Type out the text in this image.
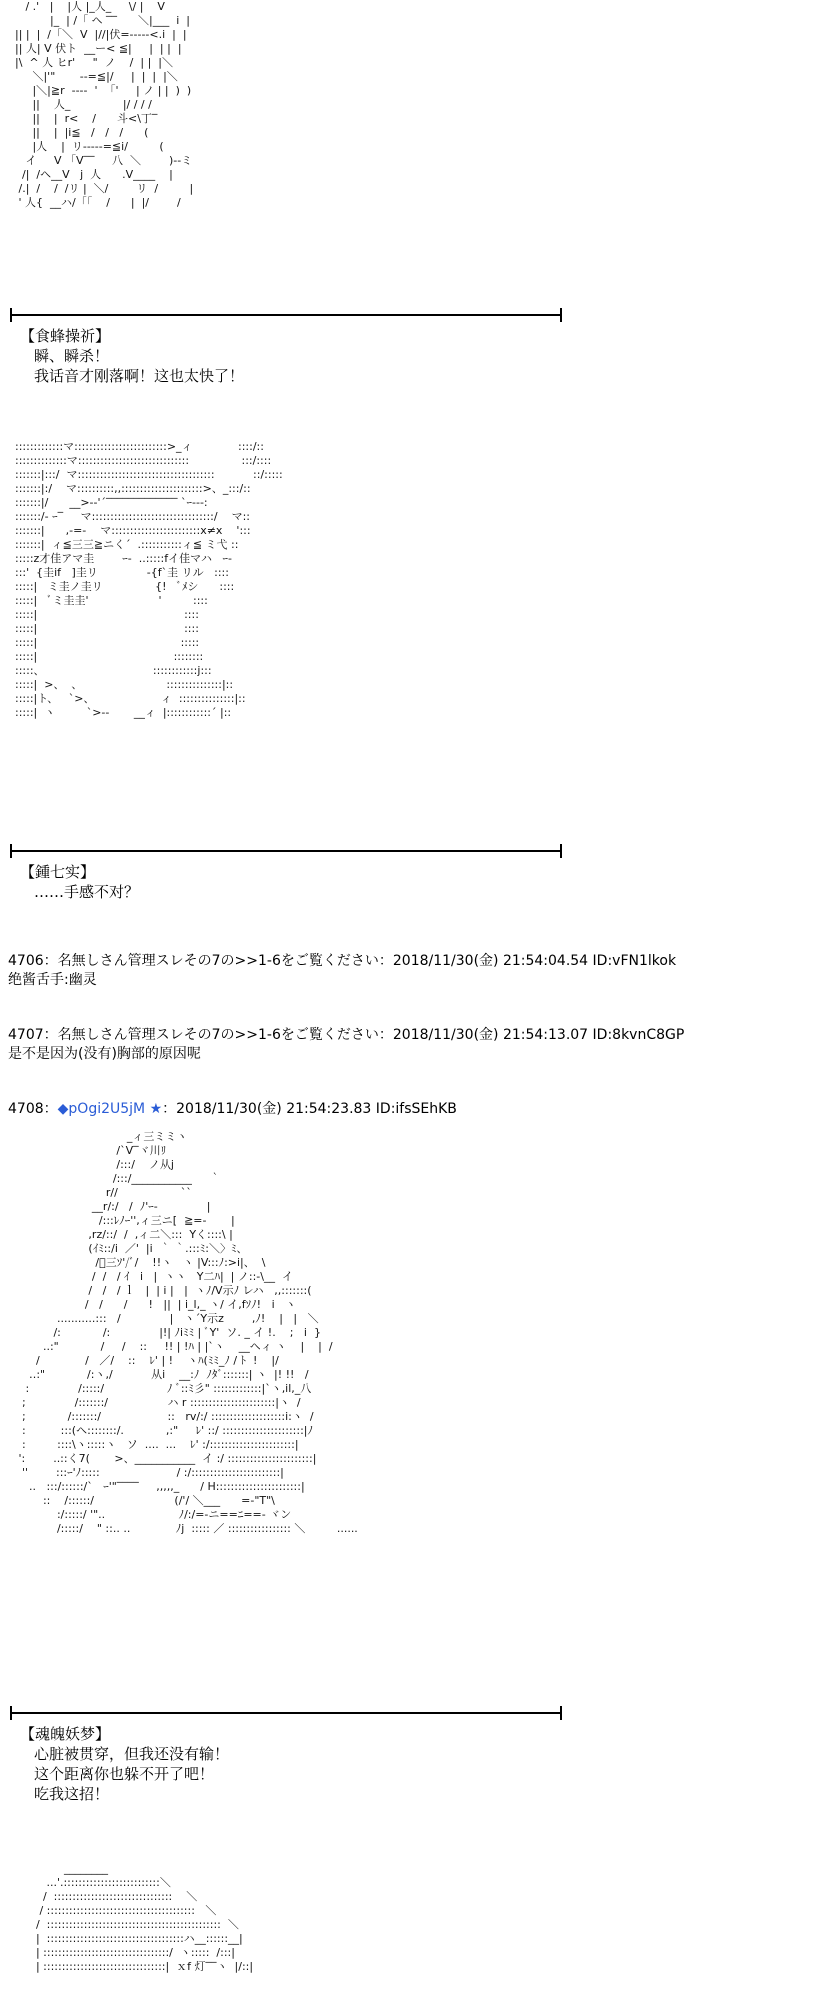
/ .'   |    |人 |_人_     \/ |    V
|_  | /「 ヘ ‾‾      ＼|___  i  |
|| |  |  /「＼  V  |//|伏=-----<.i  |  |
|| 人| V 伏ト  __ー< ≦|     |  | |  |
|\  ^ 人 ヒr'     "  ノ    /  | |  |＼
＼|'"       ‐‐=≦|/     |  |  |  |＼
|＼|≧r  -‐-‐  '  「'     | ノ | |  )  )
||    人_               |/ / / /
||    |  r<    /      斗<\丁‾
||    |  |i≦   /   /   /      (
|人    |  リ-----=≦i/         (
イ     V 「V‾‾     八  ＼        )‐‐ミ
/|  /ヘ__V   j  人      .V____    |
/.|  /    /  /リ |  ＼/        リ  /         |
' 人{  __ハ/「「    /      |  |/        /
【食蜂操祈】
瞬、瞬杀！
我话音才刚落啊！这也太快了！
:::::::::::::マ:::::::::::::::::::::::::>_ィ             ::::/::
::::::::::::::マ::::::::::::::::::::::::::::::               :::/::::
:::::::|:::/  マ:::::::::::::::::::::::::::::::::::::           ::/:::::
:::::::|:/    マ::::::::::,,::::::::::::::::::::::>、_:::/::
:::::::|/      __>‐‐'´‾‾‾‾‾‾‾‾‾‾‾‾‾ `ｰ‐‐-:
:::::::/‐ ｰ‾     マ:::::::::::::::::::::::::::::::::/    マ::
:::::::|      ,-=-    マ::::::::::::::::::::::::x≠x    ':::
:::::::|  ィ≦三三≧ニく´  .:::::::::::ィ≦ ミ弋 ::
:::::z才佳アマ圭        ｰ-  ..:::::fイ佳マハ   ｰ-
:::'  {圭if   ]圭リ              -{f`圭 リル   ::::
:::::|   ミ圭ノ圭リ               {!   ﾞﾒシ      ::::
:::::|   ﾞミ圭圭'                    '         ::::
:::::|                                          ::::
:::::|                                          ::::
:::::|                                         :::::
:::::|                                       ::::::::
:::::、                               ::::::::::::j:::
:::::|  >、  、                        :::::::::::::::|::
:::::|ト、   `>、                   ィ  :::::::::::::::|::
:::::|  ヽ         `>‐-       __ィ  |::::::::::::´ |::
【鍾七实】
……手感不对？
4706：名無しさん管理スレその7の>>1-6をご覧ください：2018/11/30(金) 21:54:04.54 ID:vFN1lkok
绝酱舌手:幽灵
4707：名無しさん管理スレその7の>>1-6をご覧ください：2018/11/30(金) 21:54:13.07 ID:8kvnC8GP
是不是因为(没有)胸部的原因呢
4708：◆pOgi2U5jM ★：2018/11/30(金) 21:54:23.83 ID:ifsSEhKB
_ィ三ミミヽ
/`V‾ヾ川ﾘ
/:::/    ノ从j
/:::/___________     ｀
r//                  ``
__r/:/   /  ﾉ'ｰ-              |
/:::ﾚﾉｰ'',ィ三ニ[  ≧=-       |
,rz/::/  /  ,ィ二＼:::  Yく::::\ |
(ｲﾐ::/i  ／'  |i  ｀ ｀.:::ﾐ:＼〉ﾐ、
/ﾞ三ｿ'/ﾞ/    !!ヽ   ヽ |V:::ﾉ:>i|、  \
/  /   / ｲ   i   |  ヽヽ   Y二ﾊ|  | ノ::-\__  イ
/   /   / ｌ   |  | i |   |  ヽﾉ/V示ﾉ レハ   ,,:::::::(
/   /      /      !   ||  | i_l,_ ヽ/ イ,fｿﾉ!   i   ヽ
...........:::   /              |   ヽ´Y示z        ,ﾉ!    |   |   ＼
/:            /:              |!| ﾉiﾐﾐ | ﾞY'  ソ. _ イ !.    ;   i  }
..:"            /     /    ::     !! | !ﾊ | |`ヽ    __ヘィ ヽ    |    |  /
/             /   ／/    ::    ﾚ' | !    ヽﾊ(ﾐﾐ_ﾉ / ﾄ  !    |/
‥:"            /:ヽ,/           从i    __:ﾉ  ﾉﾀﾞ:::::::| ヽ  |! !!   /
:              /:::::/                  ﾉ ﾞ::ﾐ彡" :::::::::::::|`ヽ,il,_八
;              /:::::::/                 ハ r :::::::::::::::::::::::|ヽ  /
;            /:::::::/                   ::   rv/:/ ::::::::::::::::::::i:ヽ  /
:          :::(ヘ::::::::/.            ,:"     ﾚ' ::/ ::::::::::::::::::::::|ﾉ
:         ::::\ヽ:::::ヽ   ソ  ....  ...    ﾚ' :/:::::::::::::::::::::::|
':        ..::く7(       >、___________  イ :/ :::::::::::::::::::::::|
''        :::ｰ'ﾉ:::::                      / :/::::::::::::::::::::::::|
..   :::/::::::/`   ｰ'"‾‾‾‾     ,,,,,_      / H:::::::::::::::::::::::|
::    /::::::/                       (/'/ ＼___      =‐"T"\
:/:::::/ '"..                     ﾉ/:/=‐ニ==ﾆ==‐ ヾン
/:::::/    " ::.. ..             ﾉj  ::::: ／ ::::::::::::::::: ＼         ......
【魂魄妖梦】
心脏被贯穿，但我还没有输！
这个距离你也躲不开了吧！
吃我这招！
________
...'.::::::::::::::::::::::::::＼
/  ::::::::::::::::::::::::::::::::    ＼
/ ::::::::::::::::::::::::::::::::::::::::   ＼
/  :::::::::::::::::::::::::::::::::::::::::::::::  ＼
|  :::::::::::::::::::::::::::::::::::::ハ__::::::__|
| ::::::::::::::::::::::::::::::::::/  ヽ:::::  /:::|
| :::::::::::::::::::::::::::::::::|  ｘf 灯‾‾ヽ  |/::|
